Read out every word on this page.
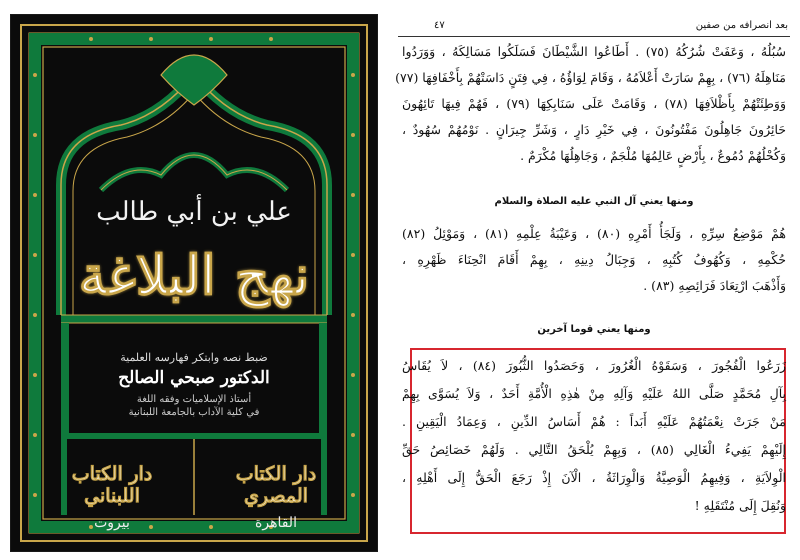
علي بن أبي طالب
نهج البلاغة
ضبط نصه وابتكر فهارسه العلمية
الدكتور صبحي الصالح
أستاذ الإسلاميات وفقه اللغة
في كلية الآداب بالجامعة اللبنانية
دار الكتاب اللبناني
بيروت
دار الكتاب المصري
القاهرة
بعد انصرافه من صفين
٤٧
سُبُلُهُ ، وَعَفَتْ شُرُكُهُ (٧٥) . أَطَاعُوا الشَّيْطَانَ فَسَلَكُوا مَسَالِكَهُ ، وَوَرَدُوا
مَنَاهِلَهُ (٧٦) ، بِهِمْ سَارَتْ أَعْلاَمُهُ ، وَقَامَ لِوَاؤُهُ ، فِي فِتَنٍ دَاسَتْهُمْ بِأَخْفَافِهَا (٧٧)
وَوَطِئَتْهُمْ بِأَظْلاَفِهَا (٧٨) ، وَقَامَتْ عَلَى سَنَابِكِهَا (٧٩) ، فَهُمْ فِيهَا تَائِهُونَ
حَائِرُونَ جَاهِلُونَ مَفْتُونُونَ ، فِي خَيْرِ دَارٍ ، وَشَرِّ جِيرَانٍ . نَوْمُهُمْ سُهُودٌ ،
وَكُحْلُهُمْ دُمُوعٌ ، بِأَرْضٍ عَالِمُهَا مُلْجَمٌ ، وَجَاهِلُهَا مُكْرَمٌ .
ومنها يعني آل النبي عليه الصلاة والسلام
هُمْ مَوْضِعُ سِرِّهِ ، وَلَجَأُ أَمْرِهِ (٨٠) ، وَعَيْبَةُ عِلْمِهِ (٨١) ، وَمَوْئِلُ (٨٢)
حُكْمِهِ ، وَكُهُوفُ كُتُبِهِ ، وَجِبَالُ دِينِهِ ، بِهِمْ أَقَامَ انْحِنَاءَ ظَهْرِهِ ،
وَأَذْهَبَ ارْتِعَادَ فَرَائِصِهِ (٨٣) .
ومنها يعني قوما آخرين
زَرَعُوا الْفُجُورَ ، وَسَقَوْهُ الْغُرُورَ ، وَحَصَدُوا الثُّبُورَ (٨٤) ، لاَ يُقَاسُ
بِآلِ مُحَمَّدٍ صَلَّى اللهُ عَلَيْهِ وَآلِهِ مِنْ هٰذِهِ الْأُمَّةِ أَحَدٌ ، وَلاَ يُسَوَّى بِهِمْ
مَنْ جَرَتْ نِعْمَتُهُمْ عَلَيْهِ أَبَداً : هُمْ أَسَاسُ الدِّينِ ، وَعِمَادُ الْيَقِينِ .
إِلَيْهِمْ يَفِيءُ الْغَالِي (٨٥) ، وَبِهِمْ يُلْحَقُ التَّالِي . وَلَهُمْ خَصَائِصُ حَقِّ
الْوِلاَيَةِ ، وَفِيهِمُ الْوَصِيَّةُ وَالْوِرَاثَةُ ، الْآنَ إِذْ رَجَعَ الْحَقُّ إِلَى أَهْلِهِ ،
وَنُقِلَ إِلَى مُنْتَقَلِهِ !
